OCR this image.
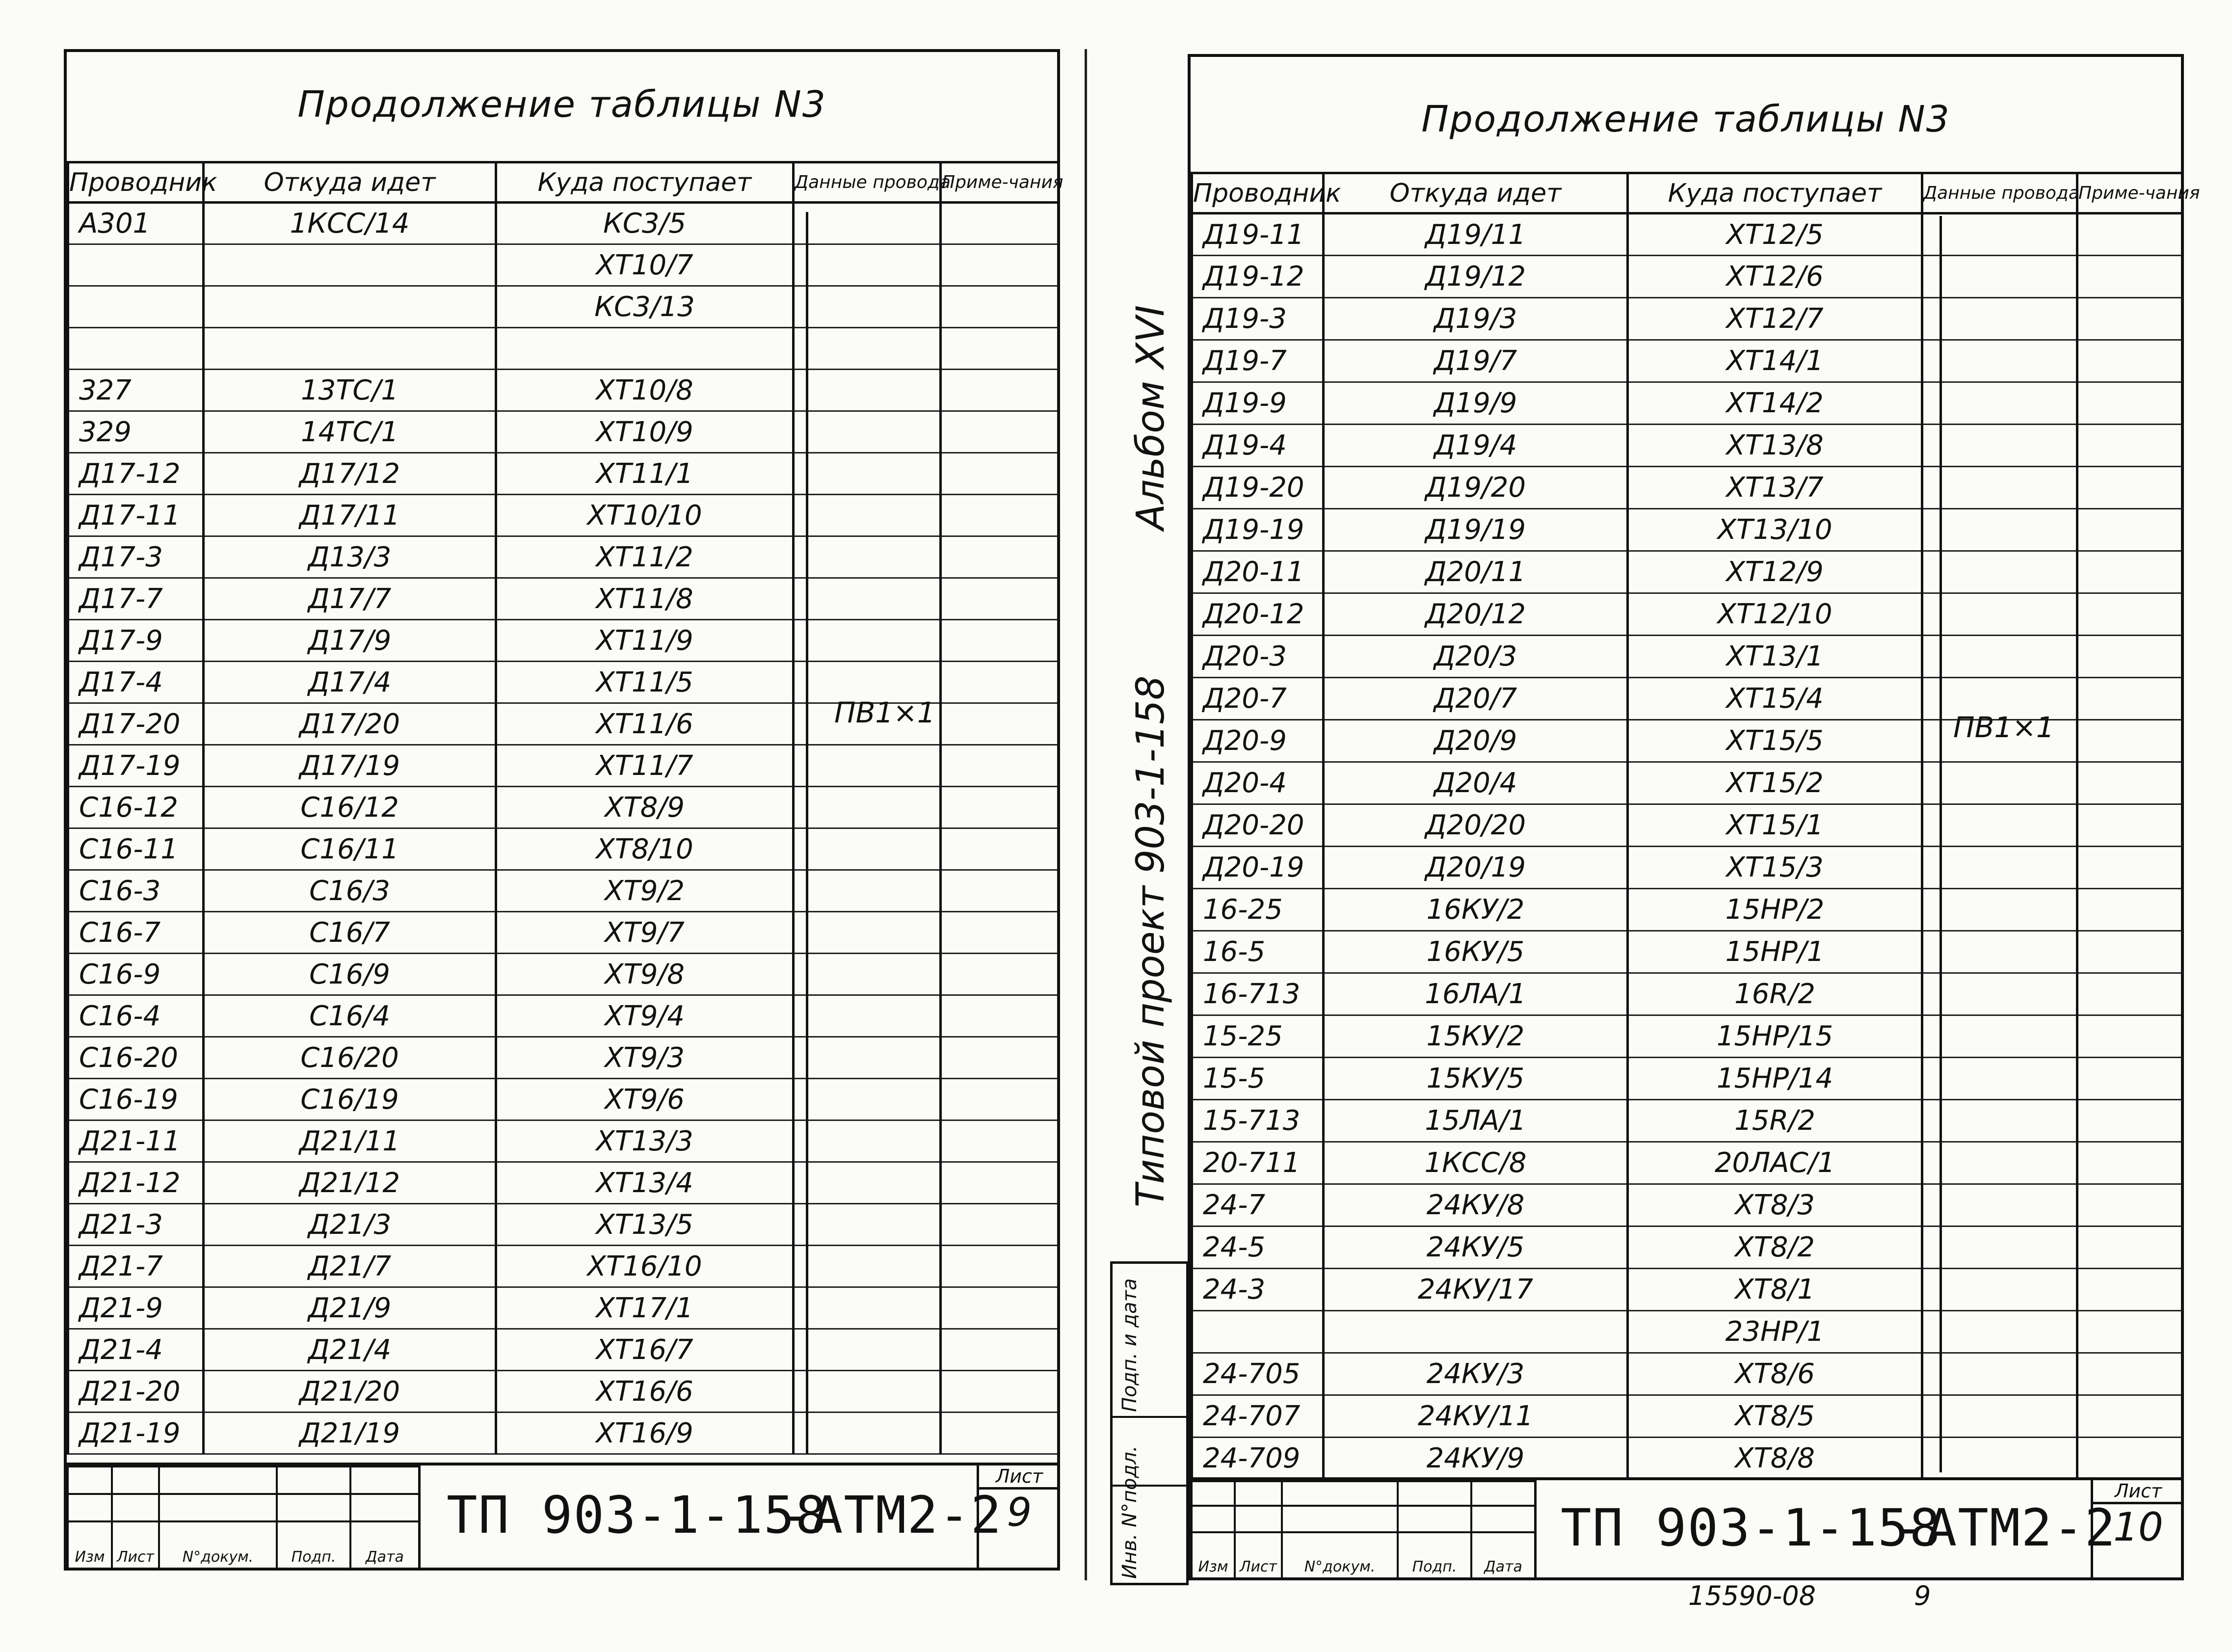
Продолжение таблицы N3
Проводник	Откуда идет	Куда поступает	Данные провода	Приме-чания
А301	1КСС/14	КС3/5		
		ХТ10/7		
		КС3/13		

327	13ТС/1	ХТ10/8		
329	14ТС/1	ХТ10/9		
Д17-12	Д17/12	ХТ11/1		
Д17-11	Д17/11	ХТ10/10		
Д17-3	Д13/3	ХТ11/2		
Д17-7	Д17/7	ХТ11/8		
Д17-9	Д17/9	ХТ11/9		
Д17-4	Д17/4	ХТ11/5		
Д17-20	Д17/20	ХТ11/6		
Д17-19	Д17/19	ХТ11/7		
С16-12	С16/12	ХТ8/9		
С16-11	С16/11	ХТ8/10		
С16-3	С16/3	ХТ9/2		
С16-7	С16/7	ХТ9/7		
С16-9	С16/9	ХТ9/8		
С16-4	С16/4	ХТ9/4		
С16-20	С16/20	ХТ9/3		
С16-19	С16/19	ХТ9/6		
Д21-11	Д21/11	ХТ13/3		
Д21-12	Д21/12	ХТ13/4		
Д21-3	Д21/3	ХТ13/5		
Д21-7	Д21/7	ХТ16/10		
Д21-9	Д21/9	ХТ17/1		
Д21-4	Д21/4	ХТ16/7		
Д21-20	Д21/20	ХТ16/6		
Д21-19	Д21/19	ХТ16/9		
ПВ1×1

Изм	Лист	N°докум.	Подп.	Дата
ТП 903-1-158
-АТМ2-2
Лист
9
Альбом XVI
Типовой проект 903-1-158
Подп. и дата
Инв. N°подл.
Продолжение таблицы N3
Проводник	Откуда идет	Куда поступает	Данные провода	Приме-чания
Д19-11	Д19/11	ХТ12/5		
Д19-12	Д19/12	ХТ12/6		
Д19-3	Д19/3	ХТ12/7		
Д19-7	Д19/7	ХТ14/1		
Д19-9	Д19/9	ХТ14/2		
Д19-4	Д19/4	ХТ13/8		
Д19-20	Д19/20	ХТ13/7		
Д19-19	Д19/19	ХТ13/10		
Д20-11	Д20/11	ХТ12/9		
Д20-12	Д20/12	ХТ12/10		
Д20-3	Д20/3	ХТ13/1		
Д20-7	Д20/7	ХТ15/4		
Д20-9	Д20/9	ХТ15/5		
Д20-4	Д20/4	ХТ15/2		
Д20-20	Д20/20	ХТ15/1		
Д20-19	Д20/19	ХТ15/3		
16-25	16КУ/2	15НР/2		
16-5	16КУ/5	15НР/1		
16-713	16ЛА/1	16R/2		
15-25	15КУ/2	15НР/15		
15-5	15КУ/5	15НР/14		
15-713	15ЛА/1	15R/2		
20-711	1КСС/8	20ЛАС/1		
24-7	24КУ/8	ХТ8/3		
24-5	24КУ/5	ХТ8/2		
24-3	24КУ/17	ХТ8/1		
		23НР/1		
24-705	24КУ/3	ХТ8/6		
24-707	24КУ/11	ХТ8/5		
24-709	24КУ/9	ХТ8/8		
ПВ1×1

Изм	Лист	N°докум.	Подп.	Дата
ТП 903-1-158
-АТМ2-2
Лист
10
15590-08	9
